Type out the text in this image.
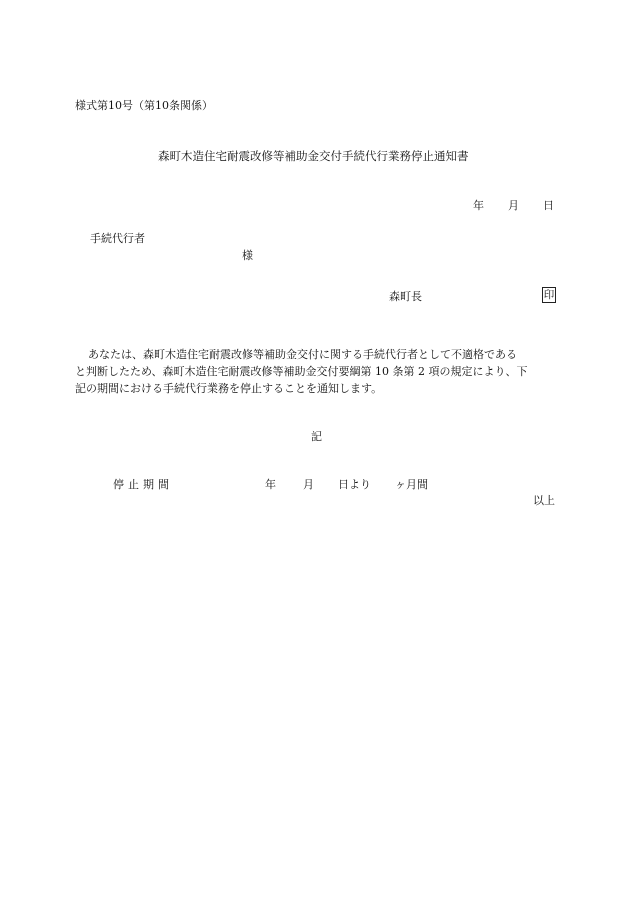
様式第10号（第10条関係）
森町木造住宅耐震改修等補助金交付手続代行業務停止通知書
年 月 日
手続代行者
様
森町長	印
あなたは、森町木造住宅耐震改修等補助金交付に関する手続代行者として不適格である
と判断したため、森町木造住宅耐震改修等補助金交付要綱第 10 条第 2 項の規定により、下
記の期間における手続代行業務を停止することを通知します。
記
停止期間	年 月 日より ヶ月間
以上
